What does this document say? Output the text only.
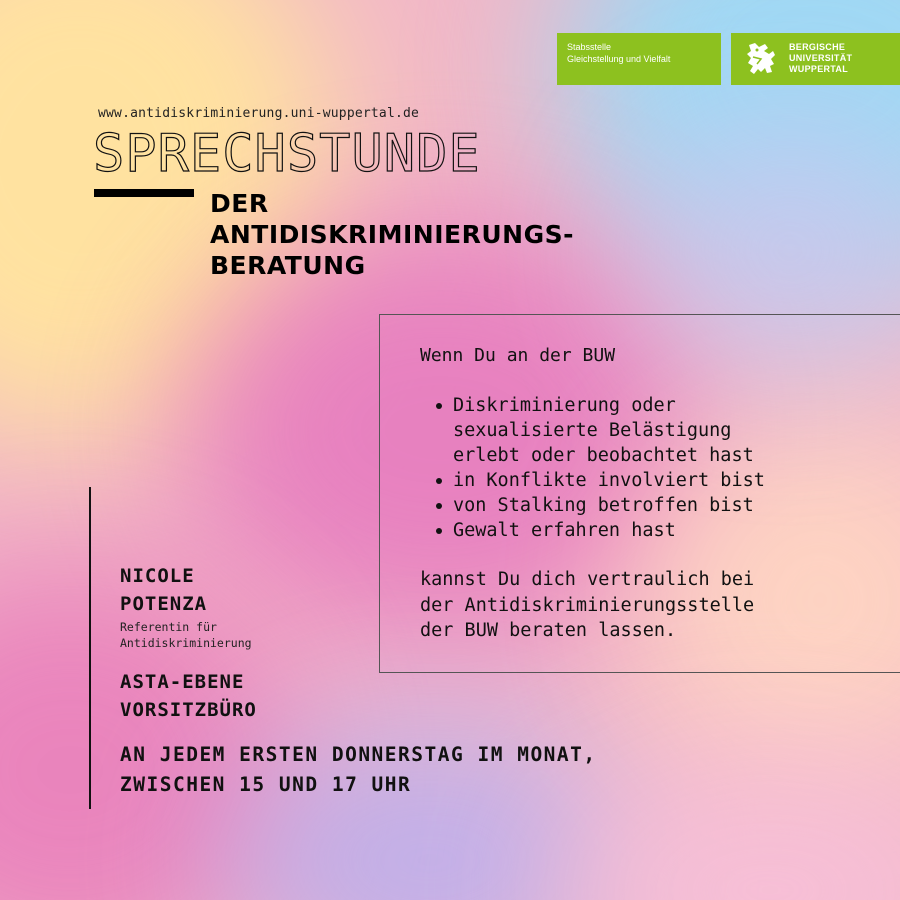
Stabsstelle
Gleichstellung und Vielfalt
BERGISCHE
UNIVERSITÄT
WUPPERTAL
www.antidiskriminierung.uni-wuppertal.de
SPRECHSTUNDE
DER
ANTIDISKRIMINIERUNGS-
BERATUNG
Wenn Du an der BUW
Diskriminierung oder
sexualisierte Belästigung
erlebt oder beobachtet hast
in Konflikte involviert bist
von Stalking betroffen bist
Gewalt erfahren hast
kannst Du dich vertraulich bei
der Antidiskriminierungsstelle
der BUW beraten lassen.
NICOLE
POTENZA
Referentin für
Antidiskriminierung
ASTA-EBENE
VORSITZBÜRO
AN JEDEM ERSTEN DONNERSTAG IM MONAT,
ZWISCHEN 15 UND 17 UHR
